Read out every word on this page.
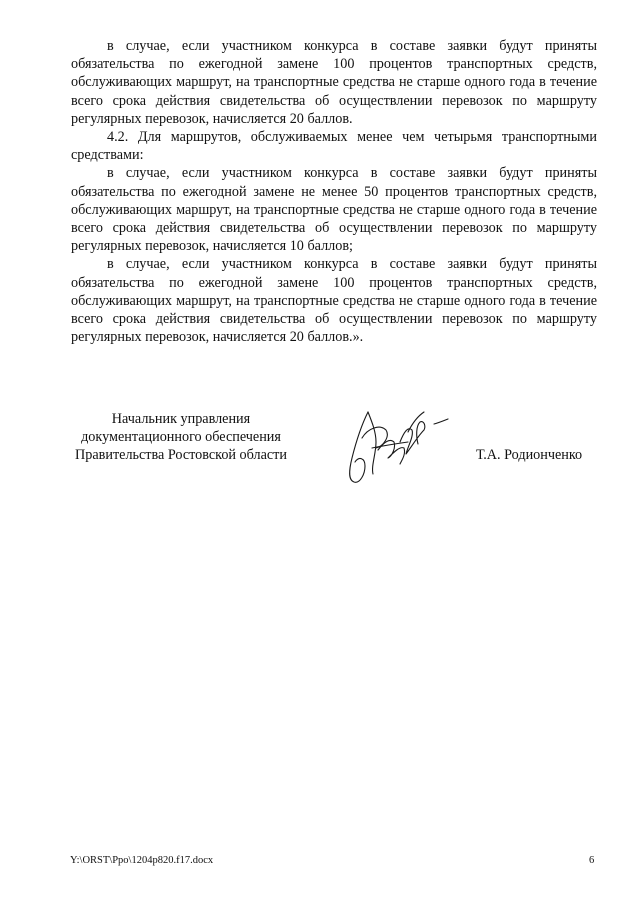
в случае, если участником конкурса в составе заявки будут приняты обязательства по ежегодной замене 100 процентов транспортных средств, обслуживающих маршрут, на транспортные средства не старше одного года в течение всего срока действия свидетельства об осуществлении перевозок по маршруту регулярных перевозок, начисляется 20 баллов.

4.2. Для маршрутов, обслуживаемых менее чем четырьмя транспортными средствами:

в случае, если участником конкурса в составе заявки будут приняты обязательства по ежегодной замене не менее 50 процентов транспортных средств, обслуживающих маршрут, на транспортные средства не старше одного года в течение всего срока действия свидетельства об осуществлении перевозок по маршруту регулярных перевозок, начисляется 10 баллов;

в случае, если участником конкурса в составе заявки будут приняты обязательства по ежегодной замене 100 процентов транспортных средств, обслуживающих маршрут, на транспортные средства не старше одного года в течение всего срока действия свидетельства об осуществлении перевозок по маршруту регулярных перевозок, начисляется 20 баллов.».

Начальник управления
документационного обеспечения
Правительства Ростовской области	Т.А. Родионченко
Y:\ORST\Ppo\1204p820.f17.docx	6
